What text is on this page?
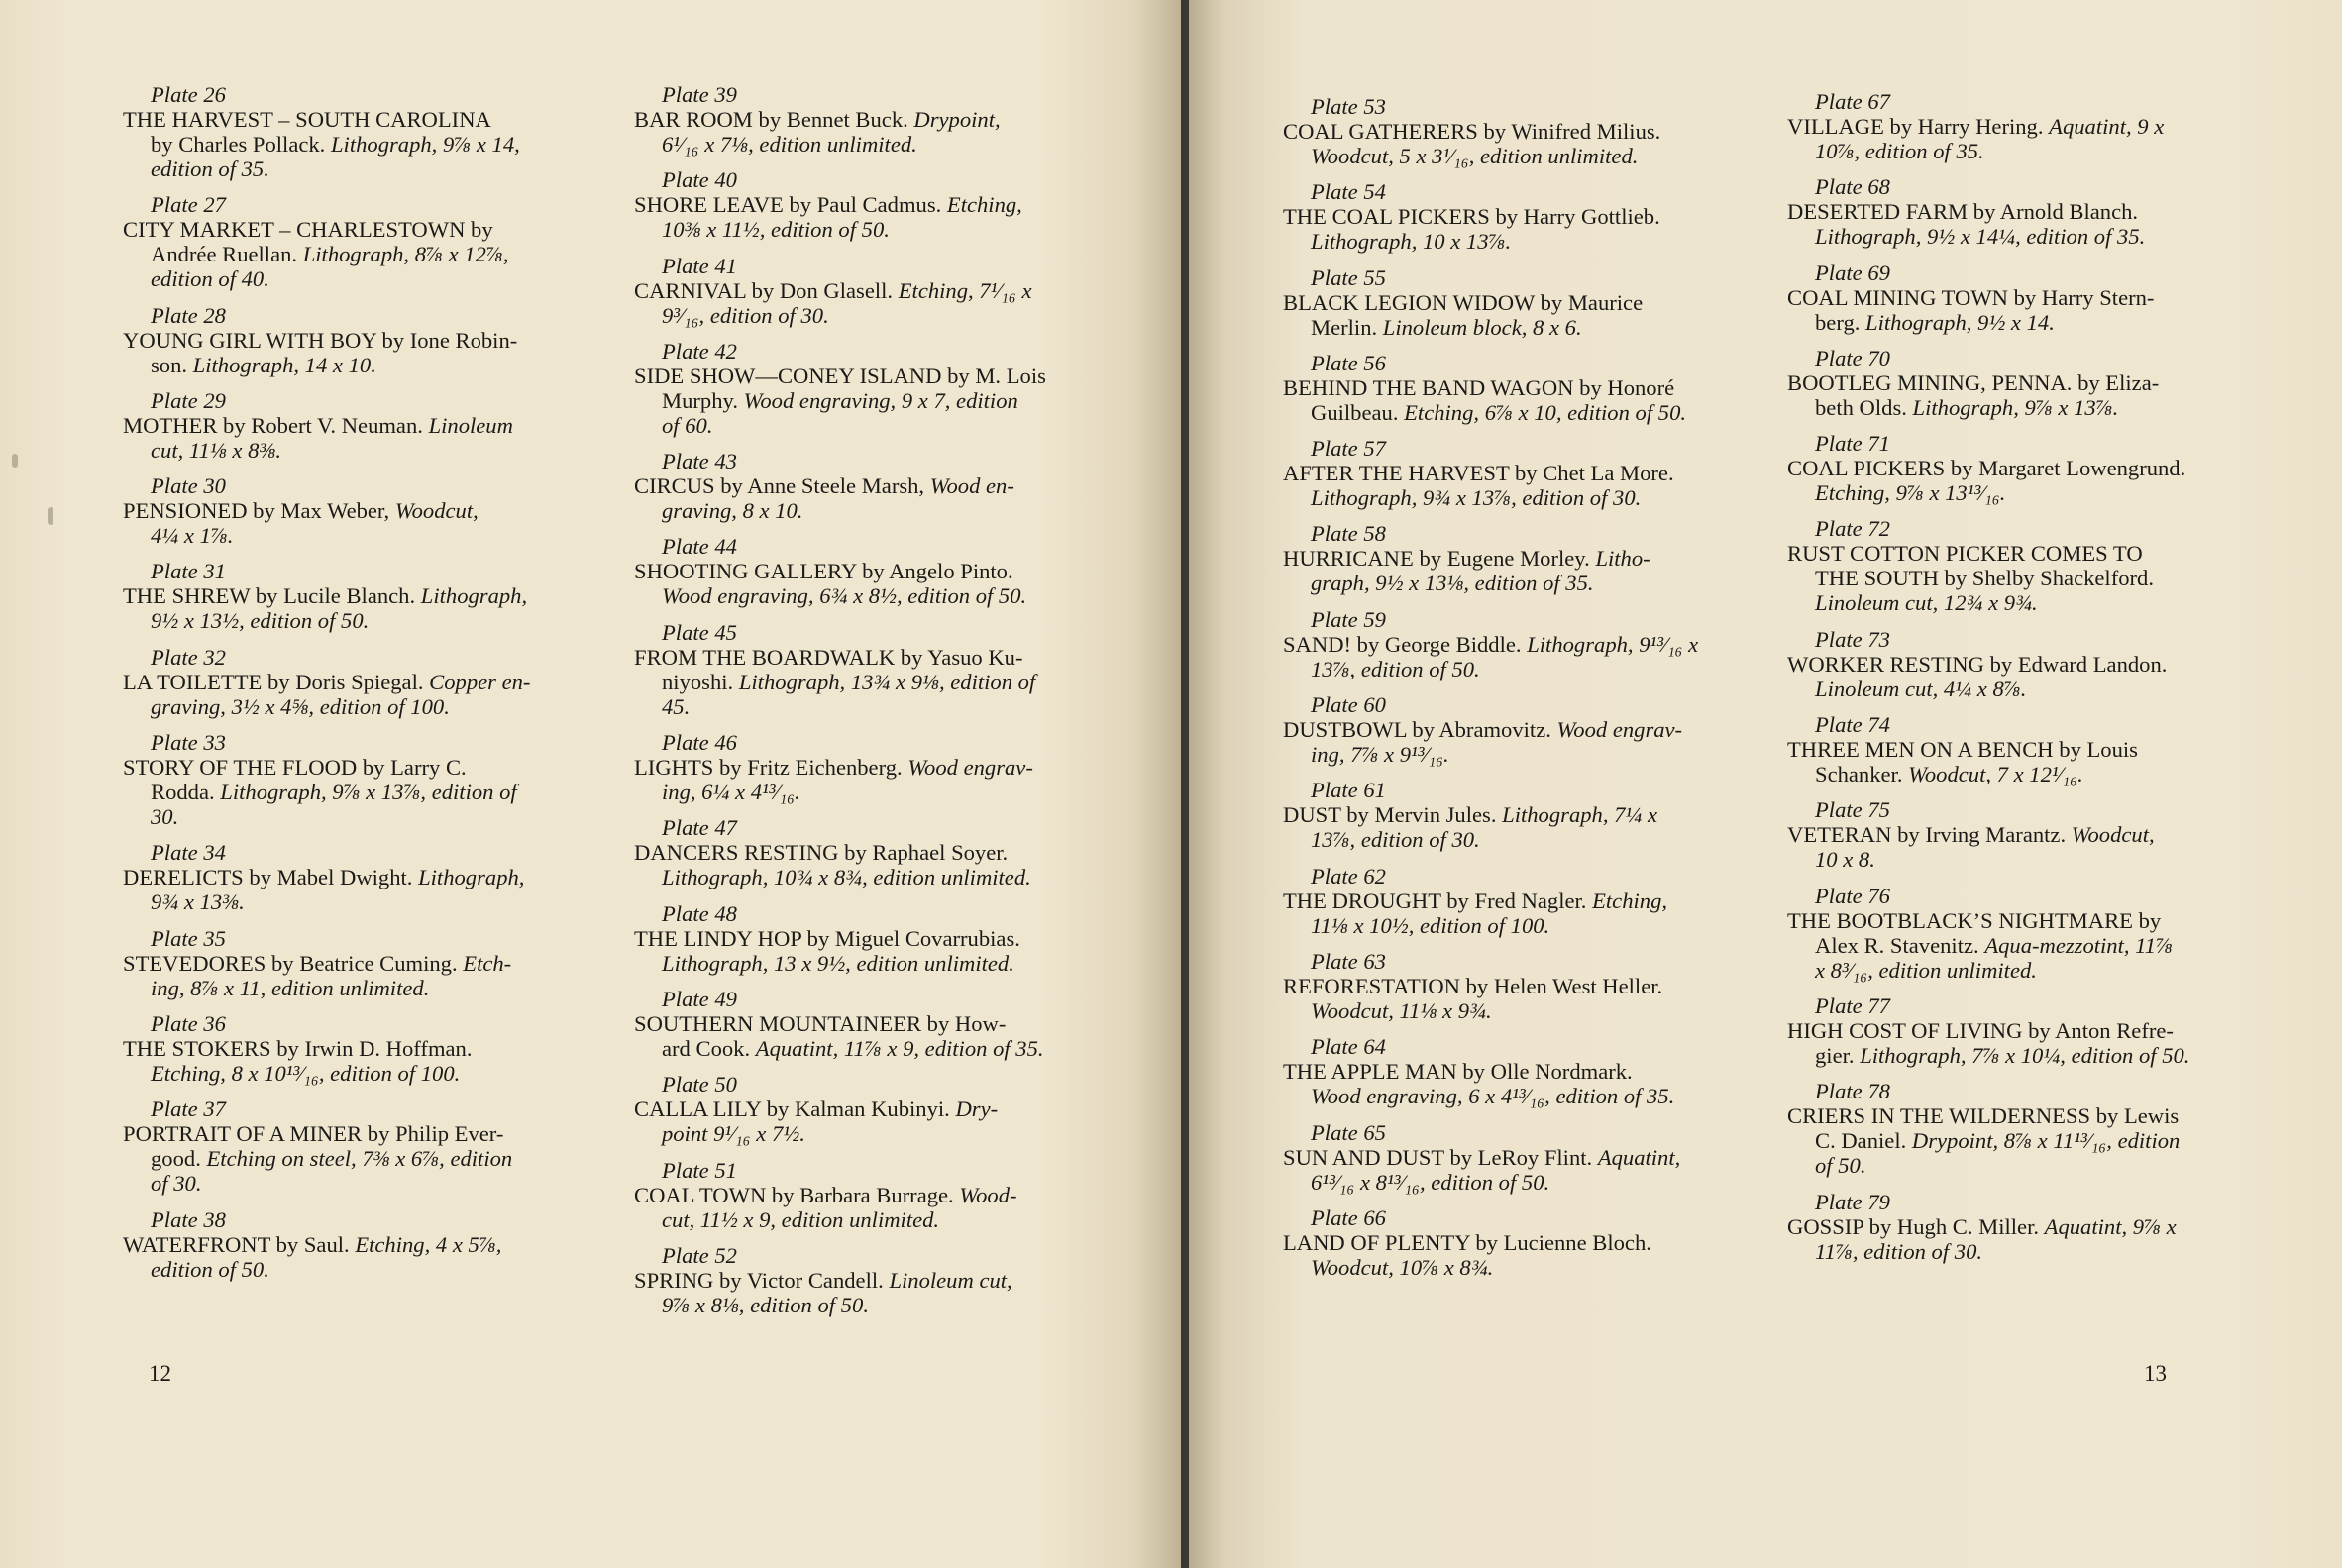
Plate 26
THE HARVEST – SOUTH CAROLINA
by Charles Pollack. Lithograph, 9⅞ x 14,
edition of 35.
Plate 27
CITY MARKET – CHARLESTOWN by
Andrée Ruellan. Lithograph, 8⅞ x 12⅞,
edition of 40.
Plate 28
YOUNG GIRL WITH BOY by Ione Robin-
son. Lithograph, 14 x 10.
Plate 29
MOTHER by Robert V. Neuman. Linoleum
cut, 11⅛ x 8⅜.
Plate 30
PENSIONED by Max Weber, Woodcut,
4¼ x 1⅞.
Plate 31
THE SHREW by Lucile Blanch. Lithograph,
9½ x 13½, edition of 50.
Plate 32
LA TOILETTE by Doris Spiegal. Copper en-
graving, 3½ x 4⅝, edition of 100.
Plate 33
STORY OF THE FLOOD by Larry C.
Rodda. Lithograph, 9⅞ x 13⅞, edition of
30.
Plate 34
DERELICTS by Mabel Dwight. Lithograph,
9¾ x 13⅜.
Plate 35
STEVEDORES by Beatrice Cuming. Etch-
ing, 8⅞ x 11, edition unlimited.
Plate 36
THE STOKERS by Irwin D. Hoffman.
Etching, 8 x 10¹³⁄₁₆, edition of 100.
Plate 37
PORTRAIT OF A MINER by Philip Ever-
good. Etching on steel, 7⅜ x 6⅞, edition
of 30.
Plate 38
WATERFRONT by Saul. Etching, 4 x 5⅞,
edition of 50.
Plate 39
BAR ROOM by Bennet Buck. Drypoint,
6¹⁄₁₆ x 7⅛, edition unlimited.
Plate 40
SHORE LEAVE by Paul Cadmus. Etching,
10⅜ x 11½, edition of 50.
Plate 41
CARNIVAL by Don Glasell. Etching, 7¹⁄₁₆ x
9³⁄₁₆, edition of 30.
Plate 42
SIDE SHOW—CONEY ISLAND by M. Lois
Murphy. Wood engraving, 9 x 7, edition
of 60.
Plate 43
CIRCUS by Anne Steele Marsh, Wood en-
graving, 8 x 10.
Plate 44
SHOOTING GALLERY by Angelo Pinto.
Wood engraving, 6¾ x 8½, edition of 50.
Plate 45
FROM THE BOARDWALK by Yasuo Ku-
niyoshi. Lithograph, 13¾ x 9⅛, edition of
45.
Plate 46
LIGHTS by Fritz Eichenberg. Wood engrav-
ing, 6¼ x 4¹³⁄₁₆.
Plate 47
DANCERS RESTING by Raphael Soyer.
Lithograph, 10¾ x 8¾, edition unlimited.
Plate 48
THE LINDY HOP by Miguel Covarrubias.
Lithograph, 13 x 9½, edition unlimited.
Plate 49
SOUTHERN MOUNTAINEER by How-
ard Cook. Aquatint, 11⅞ x 9, edition of 35.
Plate 50
CALLA LILY by Kalman Kubinyi. Dry-
point 9¹⁄₁₆ x 7½.
Plate 51
COAL TOWN by Barbara Burrage. Wood-
cut, 11½ x 9, edition unlimited.
Plate 52
SPRING by Victor Candell. Linoleum cut,
9⅞ x 8⅛, edition of 50.
12
Plate 53
COAL GATHERERS by Winifred Milius.
Woodcut, 5 x 3¹⁄₁₆, edition unlimited.
Plate 54
THE COAL PICKERS by Harry Gottlieb.
Lithograph, 10 x 13⅞.
Plate 55
BLACK LEGION WIDOW by Maurice
Merlin. Linoleum block, 8 x 6.
Plate 56
BEHIND THE BAND WAGON by Honoré
Guilbeau. Etching, 6⅞ x 10, edition of 50.
Plate 57
AFTER THE HARVEST by Chet La More.
Lithograph, 9¾ x 13⅞, edition of 30.
Plate 58
HURRICANE by Eugene Morley. Litho-
graph, 9½ x 13⅛, edition of 35.
Plate 59
SAND! by George Biddle. Lithograph, 9¹³⁄₁₆ x
13⅞, edition of 50.
Plate 60
DUSTBOWL by Abramovitz. Wood engrav-
ing, 7⅞ x 9¹³⁄₁₆.
Plate 61
DUST by Mervin Jules. Lithograph, 7¼ x
13⅞, edition of 30.
Plate 62
THE DROUGHT by Fred Nagler. Etching,
11⅛ x 10½, edition of 100.
Plate 63
REFORESTATION by Helen West Heller.
Woodcut, 11⅛ x 9¾.
Plate 64
THE APPLE MAN by Olle Nordmark.
Wood engraving, 6 x 4¹³⁄₁₆, edition of 35.
Plate 65
SUN AND DUST by LeRoy Flint. Aquatint,
6¹³⁄₁₆ x 8¹³⁄₁₆, edition of 50.
Plate 66
LAND OF PLENTY by Lucienne Bloch.
Woodcut, 10⅞ x 8¾.
Plate 67
VILLAGE by Harry Hering. Aquatint, 9 x
10⅞, edition of 35.
Plate 68
DESERTED FARM by Arnold Blanch.
Lithograph, 9½ x 14¼, edition of 35.
Plate 69
COAL MINING TOWN by Harry Stern-
berg. Lithograph, 9½ x 14.
Plate 70
BOOTLEG MINING, PENNA. by Eliza-
beth Olds. Lithograph, 9⅞ x 13⅞.
Plate 71
COAL PICKERS by Margaret Lowengrund.
Etching, 9⅞ x 13¹³⁄₁₆.
Plate 72
RUST COTTON PICKER COMES TO
THE SOUTH by Shelby Shackelford.
Linoleum cut, 12¾ x 9¾.
Plate 73
WORKER RESTING by Edward Landon.
Linoleum cut, 4¼ x 8⅞.
Plate 74
THREE MEN ON A BENCH by Louis
Schanker. Woodcut, 7 x 12¹⁄₁₆.
Plate 75
VETERAN by Irving Marantz. Woodcut,
10 x 8.
Plate 76
THE BOOTBLACK’S NIGHTMARE by
Alex R. Stavenitz. Aqua-mezzotint, 11⅞
x 8³⁄₁₆, edition unlimited.
Plate 77
HIGH COST OF LIVING by Anton Refre-
gier. Lithograph, 7⅞ x 10¼, edition of 50.
Plate 78
CRIERS IN THE WILDERNESS by Lewis
C. Daniel. Drypoint, 8⅞ x 11¹³⁄₁₆, edition
of 50.
Plate 79
GOSSIP by Hugh C. Miller. Aquatint, 9⅞ x
11⅞, edition of 30.
13
